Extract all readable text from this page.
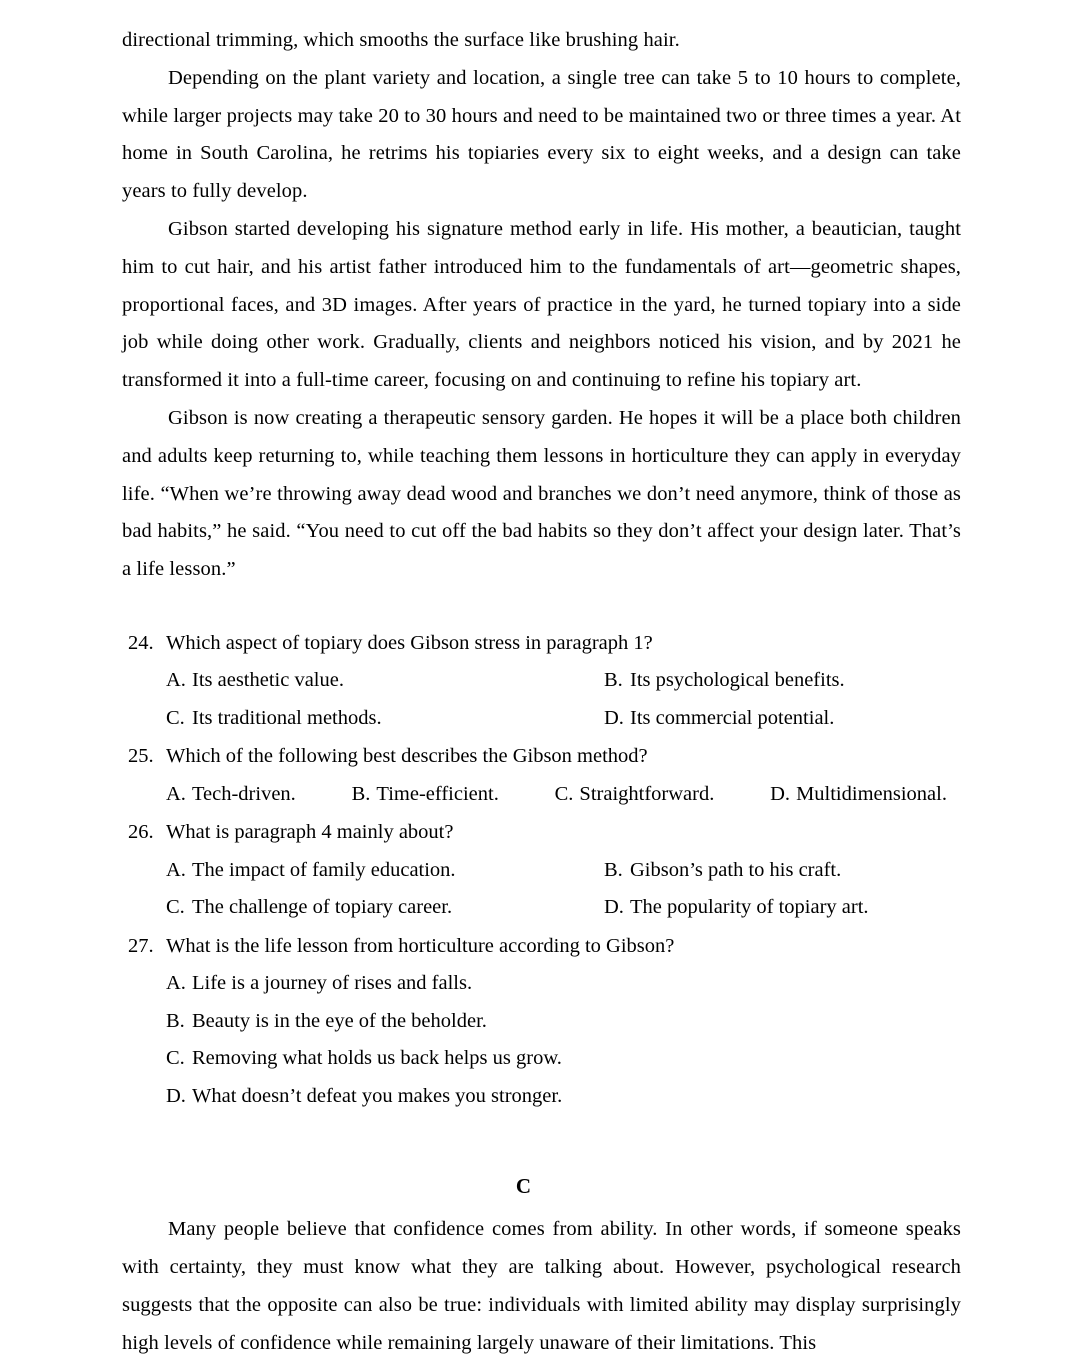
directional trimming, which smooths the surface like brushing hair.

Depending on the plant variety and location, a single tree can take 5 to 10 hours to complete, while larger projects may take 20 to 30 hours and need to be maintained two or three times a year. At home in South Carolina, he retrims his topiaries every six to eight weeks, and a design can take years to fully develop.

Gibson started developing his signature method early in life. His mother, a beautician, taught him to cut hair, and his artist father introduced him to the fundamentals of art—geometric shapes, proportional faces, and 3D images. After years of practice in the yard, he turned topiary into a side job while doing other work. Gradually, clients and neighbors noticed his vision, and by 2021 he transformed it into a full-time career, focusing on and continuing to refine his topiary art.

Gibson is now creating a therapeutic sensory garden. He hopes it will be a place both children and adults keep returning to, while teaching them lessons in horticulture they can apply in everyday life. “When we’re throwing away dead wood and branches we don’t need anymore, think of those as bad habits,” he said. “You need to cut off the bad habits so they don’t affect your design later. That’s a life lesson.”

24. Which aspect of topiary does Gibson stress in paragraph 1?
A. Its aesthetic value.	B. Its psychological benefits.
C. Its traditional methods.	D. Its commercial potential.
25. Which of the following best describes the Gibson method?
A. Tech-driven.	B. Time-efficient.	C. Straightforward.	D. Multidimensional.
26. What is paragraph 4 mainly about?
A. The impact of family education.	B. Gibson’s path to his craft.
C. The challenge of topiary career.	D. The popularity of topiary art.
27. What is the life lesson from horticulture according to Gibson?
A. Life is a journey of rises and falls.
B. Beauty is in the eye of the beholder.
C. Removing what holds us back helps us grow.
D. What doesn’t defeat you makes you stronger.
C

Many people believe that confidence comes from ability. In other words, if someone speaks with certainty, they must know what they are talking about. However, psychological research suggests that the opposite can also be true: individuals with limited ability may display surprisingly high levels of confidence while remaining largely unaware of their limitations. This
